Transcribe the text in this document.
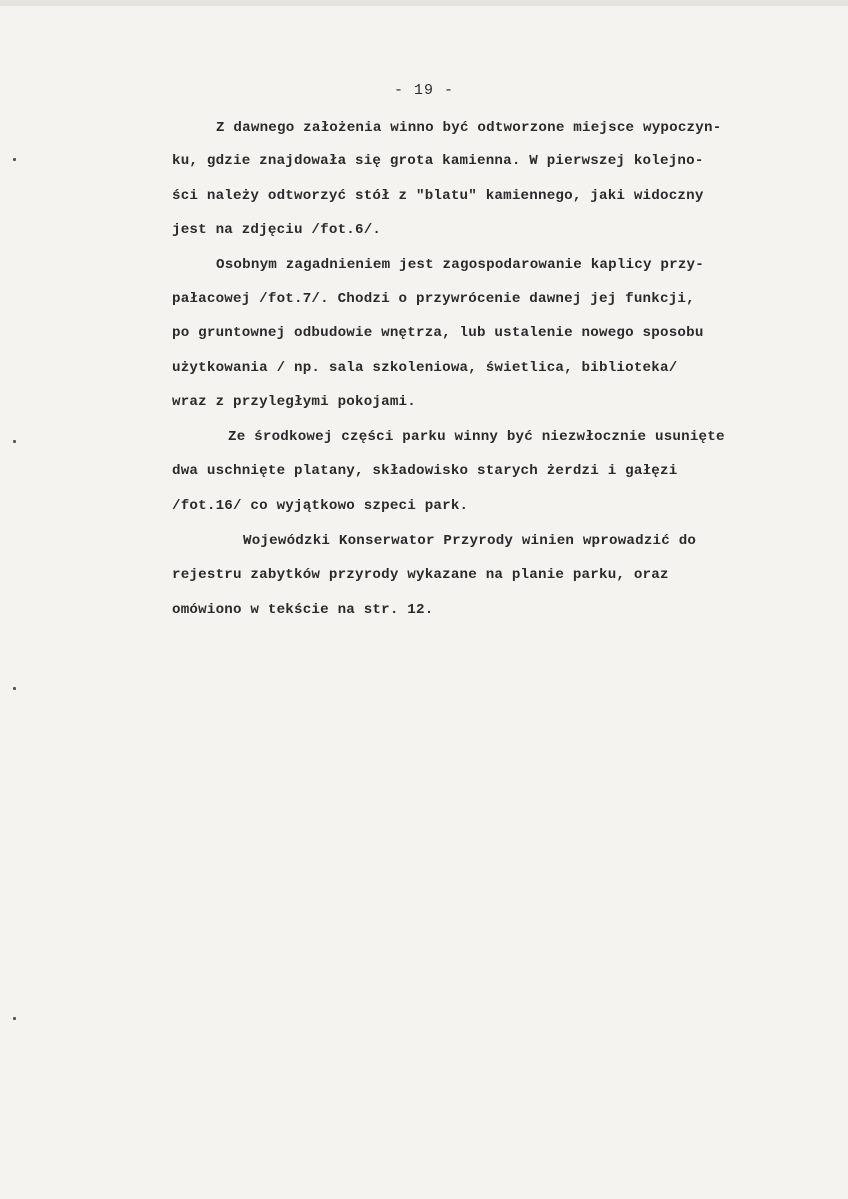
- 19 -
Z dawnego założenia winno być odtworzone miejsce wypoczyn-
ku, gdzie znajdowała się grota kamienna. W pierwszej kolejno-
ści należy odtworzyć stół z "blatu" kamiennego, jaki widoczny
jest na zdjęciu /fot.6/.
Osobnym zagadnieniem jest zagospodarowanie kaplicy przy-
pałacowej /fot.7/. Chodzi o przywrócenie dawnej jej funkcji,
po gruntownej odbudowie wnętrza, lub ustalenie nowego sposobu
użytkowania / np. sala szkoleniowa, świetlica, biblioteka/
wraz z przyległymi pokojami.
Ze środkowej części parku winny być niezwłocznie usunięte
dwa uschnięte platany, składowisko starych żerdzi i gałęzi
/fot.16/ co wyjątkowo szpeci park.
Wojewódzki Konserwator Przyrody winien wprowadzić do
rejestru zabytków przyrody wykazane na planie parku, oraz
omówiono w tekście na str. 12.
